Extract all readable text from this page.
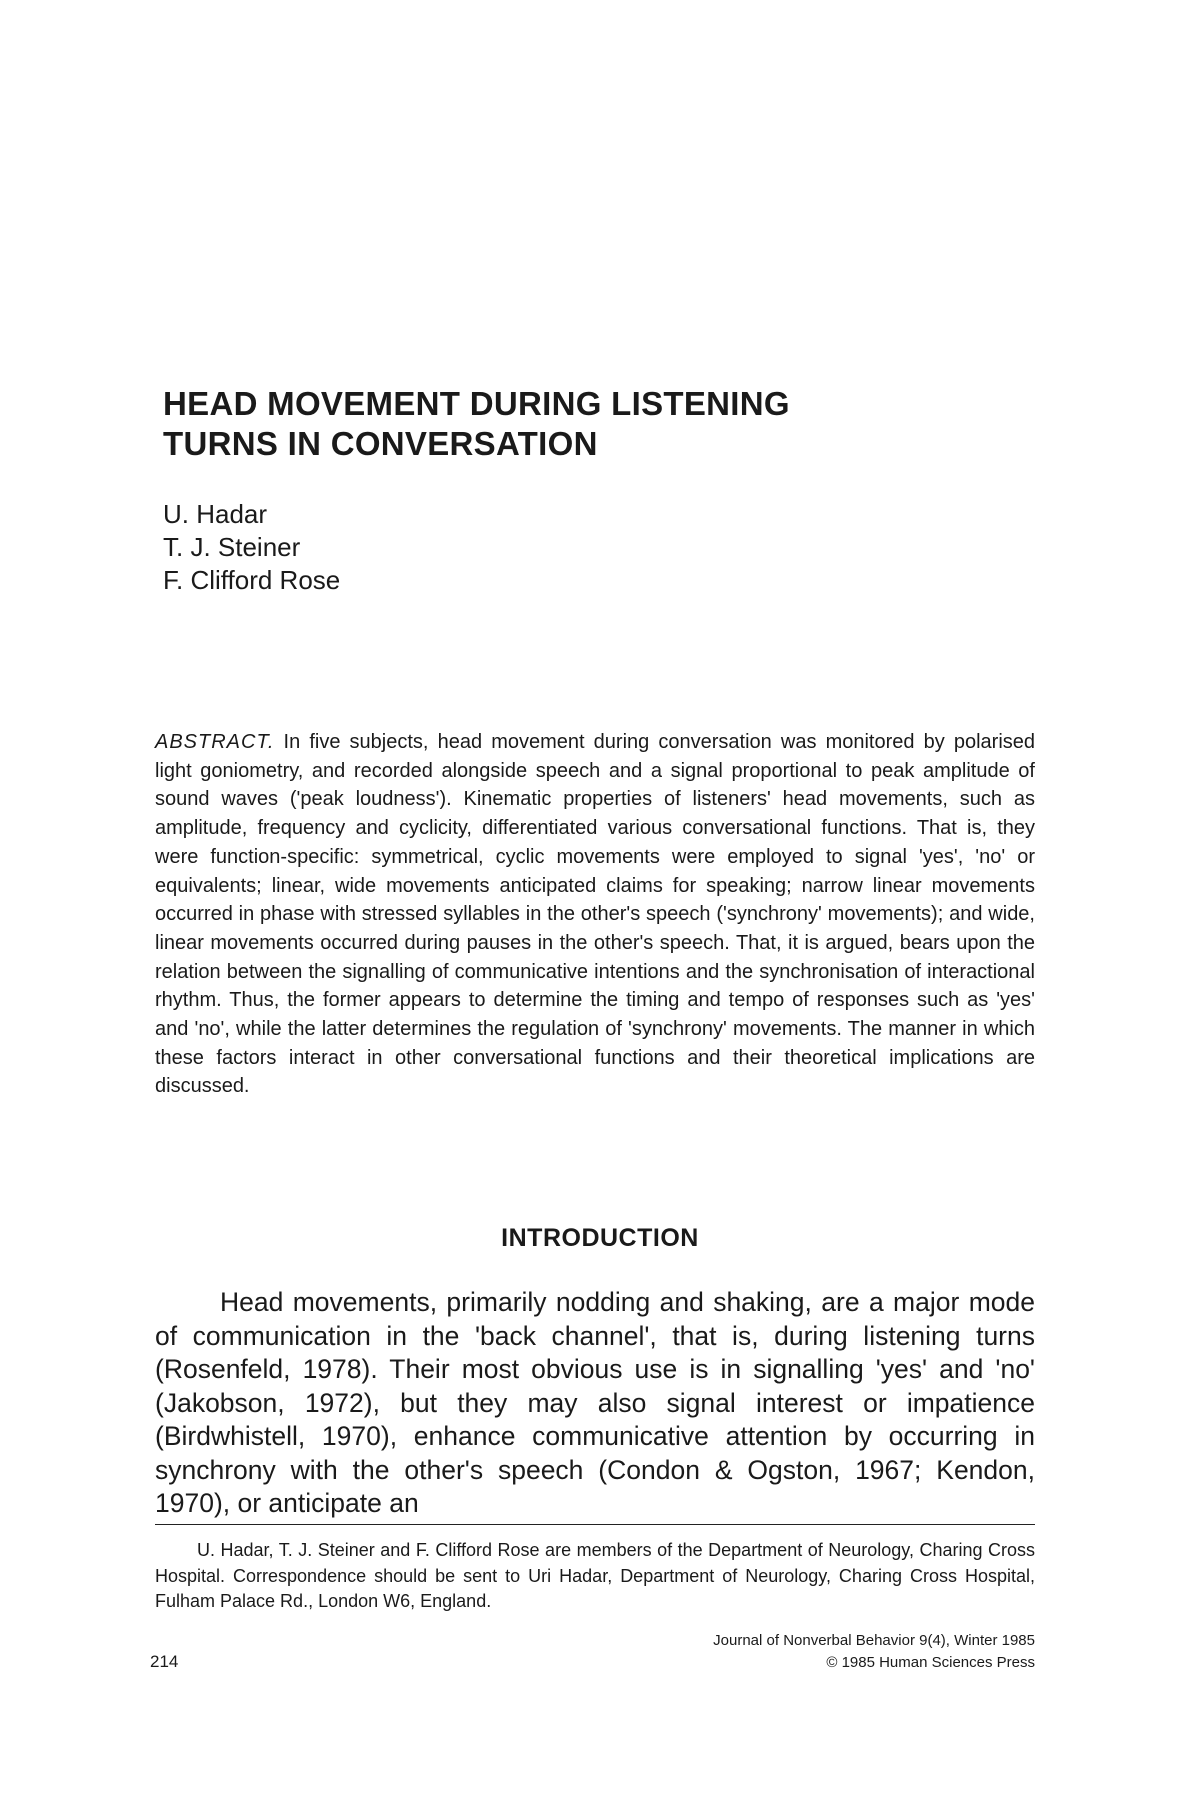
HEAD MOVEMENT DURING LISTENING
TURNS IN CONVERSATION
U. Hadar
T. J. Steiner
F. Clifford Rose

ABSTRACT. In five subjects, head movement during conversation was monitored by polarised light goniometry, and recorded alongside speech and a signal proportional to peak amplitude of sound waves ('peak loudness'). Kinematic properties of listeners' head movements, such as amplitude, frequency and cyclicity, differentiated various conversational functions. That is, they were function-specific: symmetrical, cyclic movements were employed to signal 'yes', 'no' or equivalents; linear, wide movements anticipated claims for speaking; narrow linear movements occurred in phase with stressed syllables in the other's speech ('synchrony' movements); and wide, linear movements occurred during pauses in the other's speech. That, it is argued, bears upon the relation between the signalling of communicative intentions and the synchronisation of interactional rhythm. Thus, the former appears to determine the timing and tempo of responses such as 'yes' and 'no', while the latter determines the regulation of 'synchrony' movements. The manner in which these factors interact in other conversational functions and their theoretical implications are discussed.

INTRODUCTION

Head movements, primarily nodding and shaking, are a major mode of communication in the 'back channel', that is, during listening turns (Rosenfeld, 1978). Their most obvious use is in signalling 'yes' and 'no' (Jakobson, 1972), but they may also signal interest or impatience (Birdwhistell, 1970), enhance communicative attention by occurring in synchrony with the other's speech (Condon & Ogston, 1967; Kendon, 1970), or anticipate an

U. Hadar, T. J. Steiner and F. Clifford Rose are members of the Department of Neurology, Charing Cross Hospital. Correspondence should be sent to Uri Hadar, Department of Neurology, Charing Cross Hospital, Fulham Palace Rd., London W6, England.

214
Journal of Nonverbal Behavior 9(4), Winter 1985
© 1985 Human Sciences Press
